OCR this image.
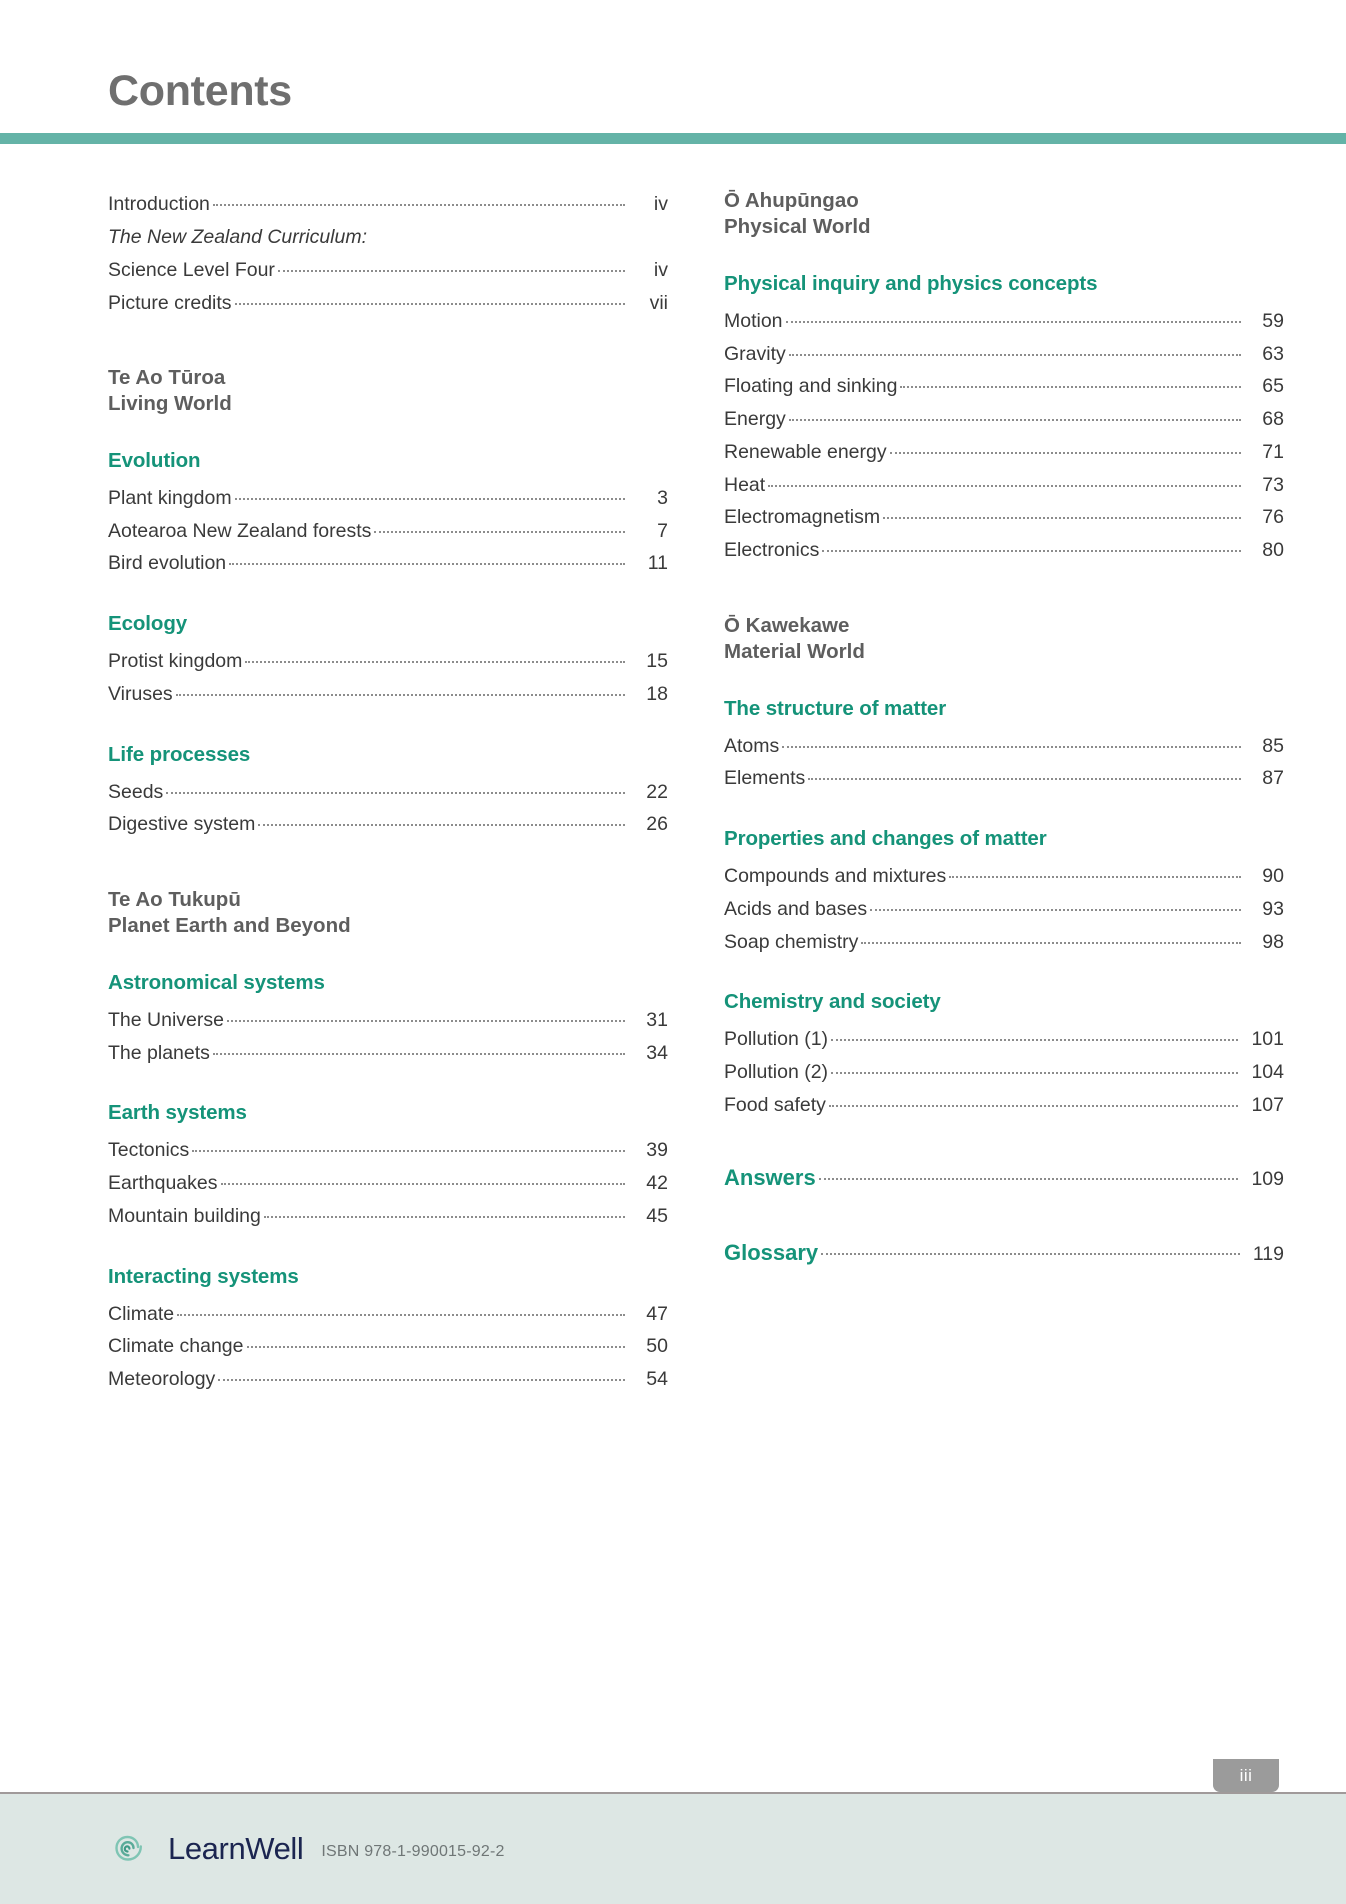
Contents
Introduction	iv
The New Zealand Curriculum:
Science Level Four	iv
Picture credits	vii
Te Ao Tūroa
Living World
Evolution
Plant kingdom	3
Aotearoa New Zealand forests	7
Bird evolution	11
Ecology
Protist kingdom	15
Viruses	18
Life processes
Seeds	22
Digestive system	26
Te Ao Tukupū
Planet Earth and Beyond
Astronomical systems
The Universe	31
The planets	34
Earth systems
Tectonics	39
Earthquakes	42
Mountain building	45
Interacting systems
Climate	47
Climate change	50
Meteorology	54
Ō Ahupūngao
Physical World
Physical inquiry and physics concepts
Motion	59
Gravity	63
Floating and sinking	65
Energy	68
Renewable energy	71
Heat	73
Electromagnetism	76
Electronics	80
Ō Kawekawe
Material World
The structure of matter
Atoms	85
Elements	87
Properties and changes of matter
Compounds and mixtures	90
Acids and bases	93
Soap chemistry	98
Chemistry and society
Pollution (1)	101
Pollution (2)	104
Food safety	107
Answers	109
Glossary	119
iii
LearnWell ISBN 978-1-990015-92-2
